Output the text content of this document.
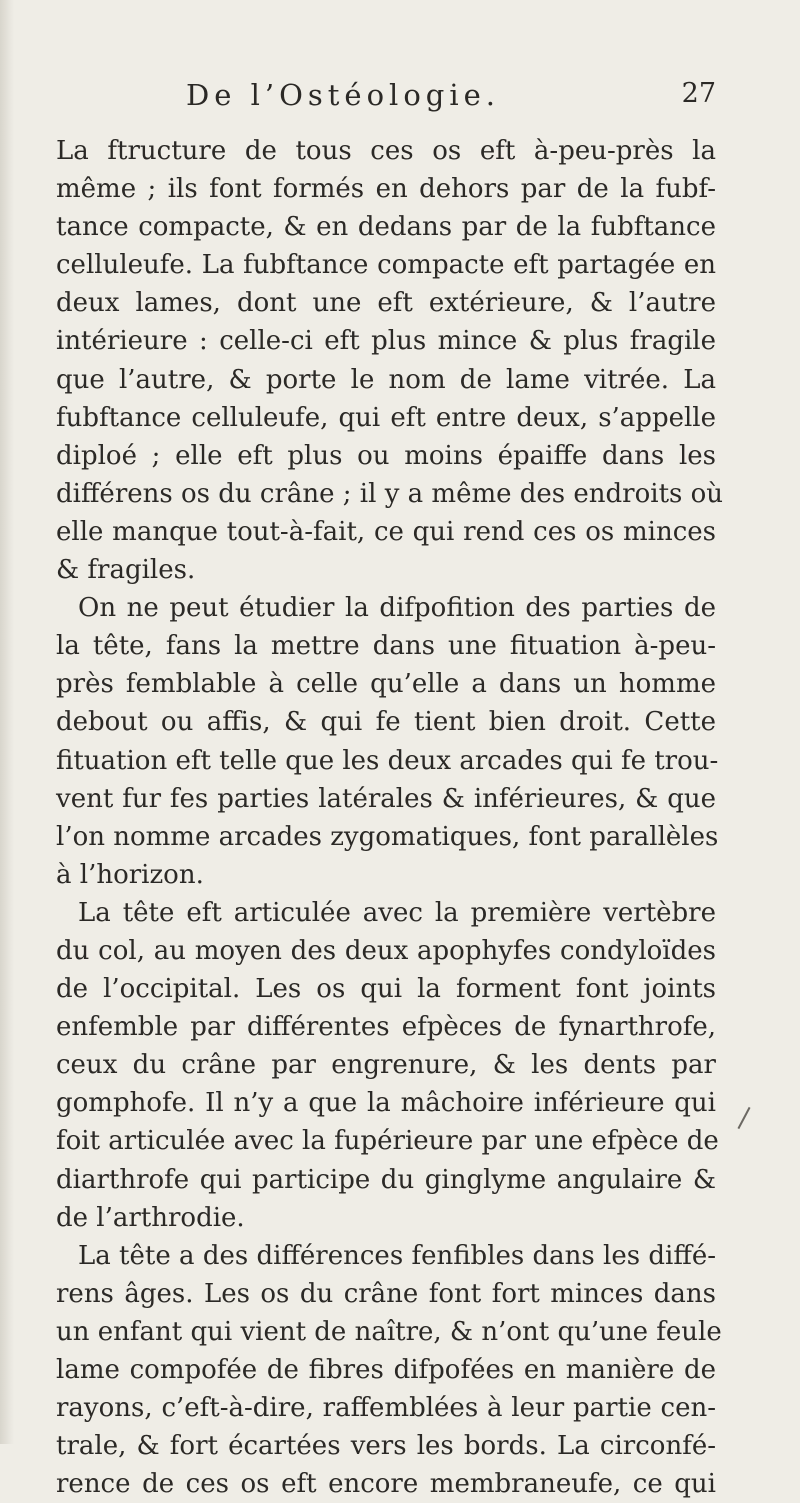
De l’Ostéologie.	27
La ftructure de tous ces os eft à-peu-près la
même ; ils font formés en dehors par de la fubf-
tance compacte, & en dedans par de la fubftance
celluleufe. La fubftance compacte eft partagée en
deux lames, dont une eft extérieure, & l’autre
intérieure : celle-ci eft plus mince & plus fragile
que l’autre, & porte le nom de lame vitrée. La
fubftance celluleufe, qui eft entre deux, s’appelle
diploé ; elle eft plus ou moins épaiffe dans les
différens os du crâne ; il y a même des endroits où
elle manque tout-à-fait, ce qui rend ces os minces
& fragiles.
On ne peut étudier la difpofition des parties de
la tête, fans la mettre dans une fituation à-peu-
près femblable à celle qu’elle a dans un homme
debout ou affis, & qui fe tient bien droit. Cette
fituation eft telle que les deux arcades qui fe trou-
vent fur fes parties latérales & inférieures, & que
l’on nomme arcades zygomatiques, font parallèles
à l’horizon.
La tête eft articulée avec la première vertèbre
du col, au moyen des deux apophyfes condyloïdes
de l’occipital. Les os qui la forment font joints
enfemble par différentes efpèces de fynarthrofe,
ceux du crâne par engrenure, & les dents par
gomphofe. Il n’y a que la mâchoire inférieure qui
foit articulée avec la fupérieure par une efpèce de
diarthrofe qui participe du ginglyme angulaire &
de l’arthrodie.
La tête a des différences fenfibles dans les diffé-
rens âges. Les os du crâne font fort minces dans
un enfant qui vient de naître, & n’ont qu’une feule
lame compofée de fibres difpofées en manière de
rayons, c’eft-à-dire, raffemblées à leur partie cen-
trale, & fort écartées vers les bords. La circonfé-
rence de ces os eft encore membraneufe, ce qui
